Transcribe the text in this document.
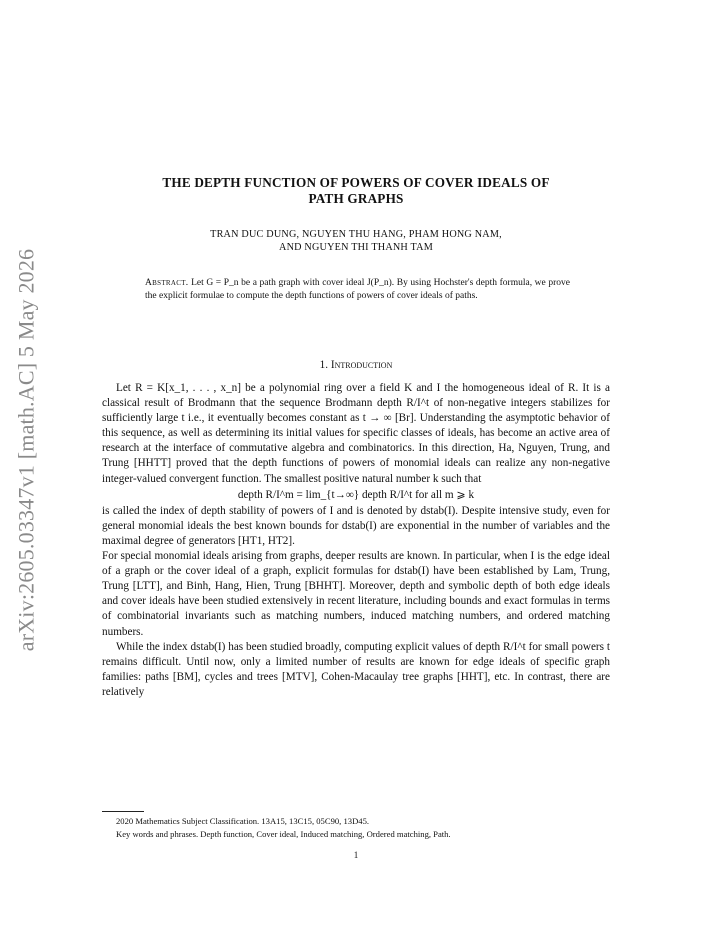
arXiv:2605.03347v1 [math.AC] 5 May 2026
THE DEPTH FUNCTION OF POWERS OF COVER IDEALS OF
PATH GRAPHS
TRAN DUC DUNG, NGUYEN THU HANG, PHAM HONG NAM,
AND NGUYEN THI THANH TAM
Abstract. Let G = P_n be a path graph with cover ideal J(P_n). By using Hochster's depth formula, we prove the explicit formulae to compute the depth functions of powers of cover ideals of paths.
1. Introduction

Let R = K[x_1, . . . , x_n] be a polynomial ring over a field K and I the homogeneous ideal of R. It is a classical result of Brodmann that the sequence Brodmann depth R/I^t of non-negative integers stabilizes for sufficiently large t i.e., it eventually becomes constant as t → ∞ [Br]. Understanding the asymptotic behavior of this sequence, as well as determining its initial values for specific classes of ideals, has become an active area of research at the interface of commutative algebra and combinatorics. In this direction, Ha, Nguyen, Trung, and Trung [HHTT] proved that the depth functions of powers of monomial ideals can realize any non-negative integer-valued convergent function. The smallest positive natural number k such that

depth R/I^m = lim_{t→∞} depth R/I^t for all m ⩾ k

is called the index of depth stability of powers of I and is denoted by dstab(I). Despite intensive study, even for general monomial ideals the best known bounds for dstab(I) are exponential in the number of variables and the maximal degree of generators [HT1, HT2].

For special monomial ideals arising from graphs, deeper results are known. In particular, when I is the edge ideal of a graph or the cover ideal of a graph, explicit formulas for dstab(I) have been established by Lam, Trung, Trung [LTT], and Binh, Hang, Hien, Trung [BHHT]. Moreover, depth and symbolic depth of both edge ideals and cover ideals have been studied extensively in recent literature, including bounds and exact formulas in terms of combinatorial invariants such as matching numbers, induced matching numbers, and ordered matching numbers.

While the index dstab(I) has been studied broadly, computing explicit values of depth R/I^t for small powers t remains difficult. Until now, only a limited number of results are known for edge ideals of specific graph families: paths [BM], cycles and trees [MTV], Cohen-Macaulay tree graphs [HHT], etc. In contrast, there are relatively

2020 Mathematics Subject Classification. 13A15, 13C15, 05C90, 13D45.
Key words and phrases. Depth function, Cover ideal, Induced matching, Ordered matching, Path.
1
